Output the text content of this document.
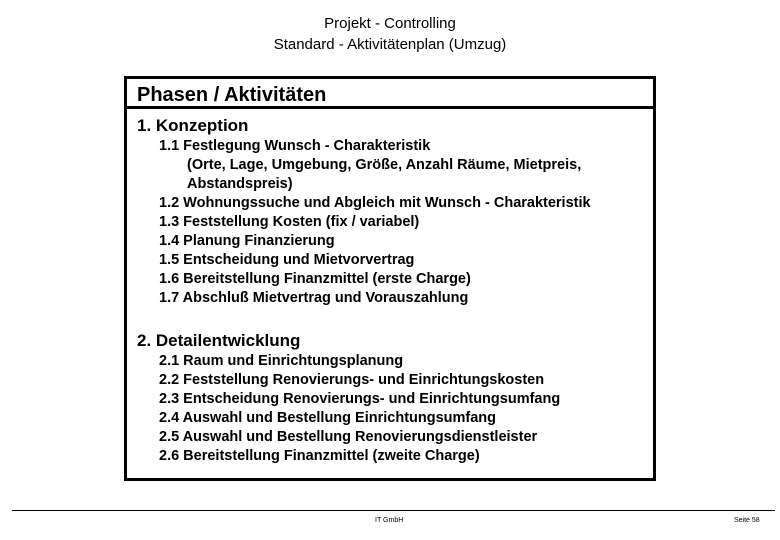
Projekt - Controlling
Standard - Aktivitätenplan (Umzug)
Phasen / Aktivitäten
1. Konzeption
1.1 Festlegung Wunsch - Charakteristik
(Orte, Lage, Umgebung, Größe, Anzahl Räume, Mietpreis,
Abstandspreis)
1.2 Wohnungssuche und Abgleich mit Wunsch - Charakteristik
1.3 Feststellung Kosten (fix / variabel)
1.4 Planung Finanzierung
1.5 Entscheidung und Mietvorvertrag
1.6 Bereitstellung Finanzmittel (erste Charge)
1.7 Abschluß Mietvertrag und Vorauszahlung
2. Detailentwicklung
2.1 Raum und Einrichtungsplanung
2.2 Feststellung Renovierungs- und Einrichtungskosten
2.3 Entscheidung Renovierungs- und Einrichtungsumfang
2.4 Auswahl und Bestellung Einrichtungsumfang
2.5 Auswahl und Bestellung Renovierungsdienstleister
2.6 Bereitstellung Finanzmittel (zweite Charge)
IT GmbH	Seite 58
